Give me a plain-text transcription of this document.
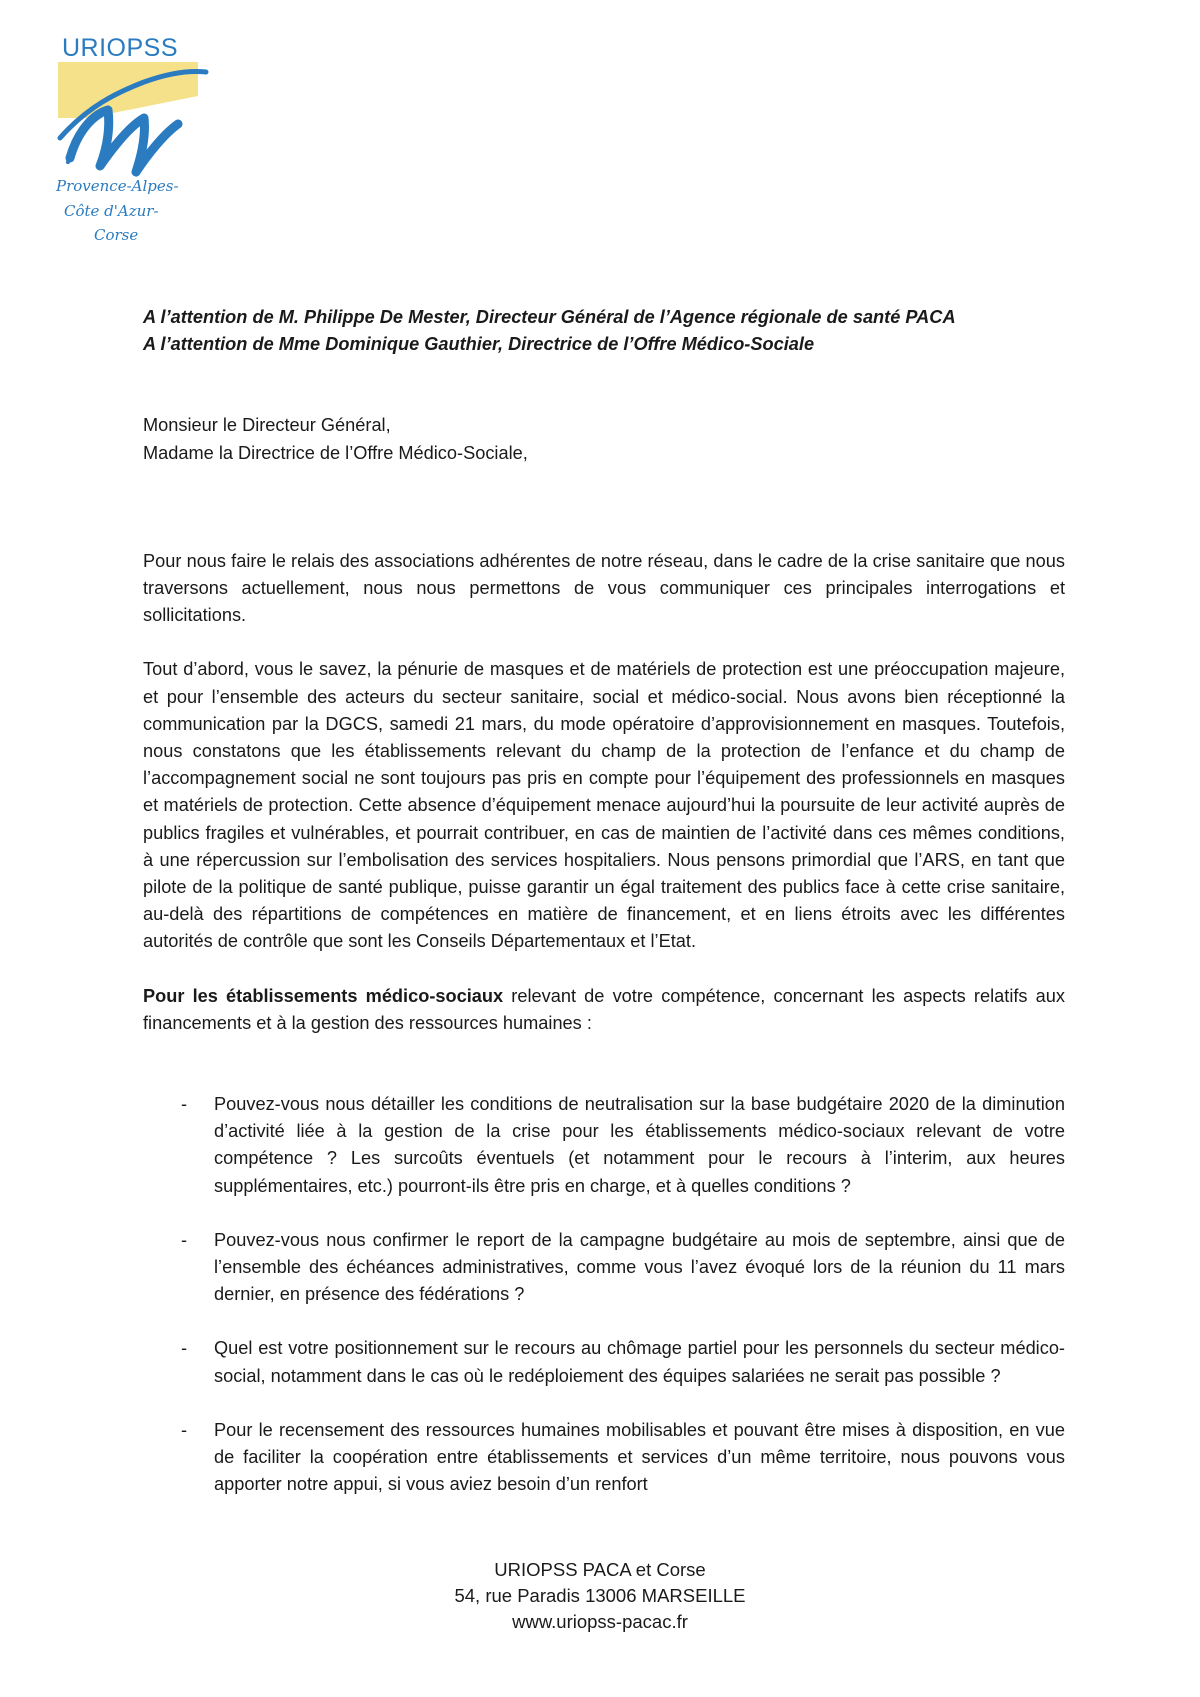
Provence-Alpes-
Côte d'Azur-
Corse
URIOPSS

A l’attention de M. Philippe De Mester, Directeur Général de l’Agence régionale de santé PACA

A l’attention de Mme Dominique Gauthier, Directrice de l’Offre Médico-Sociale

Monsieur le Directeur Général,

Madame la Directrice de l’Offre Médico-Sociale,

Pour nous faire le relais des associations adhérentes de notre réseau, dans le cadre de la crise sanitaire que nous traversons actuellement, nous nous permettons de vous communiquer ces principales interrogations et sollicitations.

Tout d’abord, vous le savez, la pénurie de masques et de matériels de protection est une préoccupation majeure, et pour l’ensemble des acteurs du secteur sanitaire, social et médico-social. Nous avons bien réceptionné la communication par la DGCS, samedi 21 mars, du mode opératoire d’approvisionnement en masques. Toutefois, nous constatons que les établissements relevant du champ de la protection de l’enfance et du champ de l’accompagnement social ne sont toujours pas pris en compte pour l’équipement des professionnels en masques et matériels de protection. Cette absence d’équipement menace aujourd’hui la poursuite de leur activité auprès de publics fragiles et vulnérables, et pourrait contribuer, en cas de maintien de l’activité dans ces mêmes conditions, à une répercussion sur l’embolisation des services hospitaliers. Nous pensons primordial que l’ARS, en tant que pilote de la politique de santé publique, puisse garantir un égal traitement des publics face à cette crise sanitaire, au-delà des répartitions de compétences en matière de financement, et en liens étroits avec les différentes autorités de contrôle que sont les Conseils Départementaux et l’Etat.

Pour les établissements médico-sociaux relevant de votre compétence, concernant les aspects relatifs aux financements et à la gestion des ressources humaines :

- Pouvez-vous nous détailler les conditions de neutralisation sur la base budgétaire 2020 de la diminution d’activité liée à la gestion de la crise pour les établissements médico-sociaux relevant de votre compétence ? Les surcoûts éventuels (et notamment pour le recours à l’interim, aux heures supplémentaires, etc.) pourront-ils être pris en charge, et à quelles conditions ?
- Pouvez-vous nous confirmer le report de la campagne budgétaire au mois de septembre, ainsi que de l’ensemble des échéances administratives, comme vous l’avez évoqué lors de la réunion du 11 mars dernier, en présence des fédérations ?
- Quel est votre positionnement sur le recours au chômage partiel pour les personnels du secteur médico-social, notamment dans le cas où le redéploiement des équipes salariées ne serait pas possible ?
- Pour le recensement des ressources humaines mobilisables et pouvant être mises à disposition, en vue de faciliter la coopération entre établissements et services d’un même territoire, nous pouvons vous apporter notre appui, si vous aviez besoin d’un renfort
URIOPSS PACA et Corse
54, rue Paradis 13006 MARSEILLE
www.uriopss-pacac.fr
